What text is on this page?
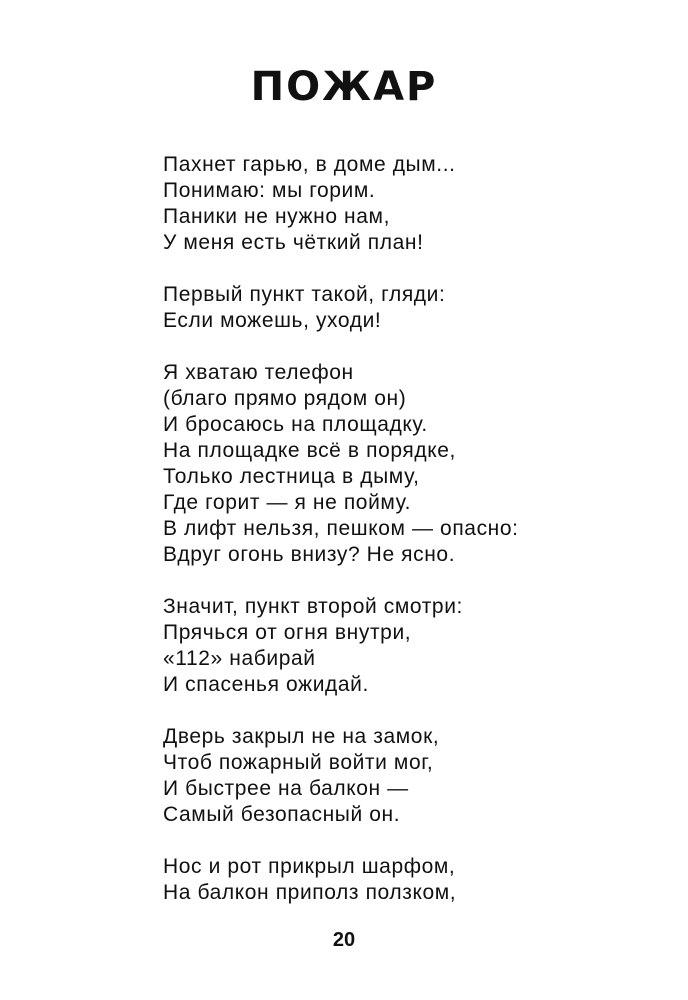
ПОЖАР
Пахнет гарью, в доме дым...
Понимаю: мы горим.
Паники не нужно нам,
У меня есть чёткий план!
Первый пункт такой, гляди:
Если можешь, уходи!
Я хватаю телефон
(благо прямо рядом он)
И бросаюсь на площадку.
На площадке всё в порядке,
Только лестница в дыму,
Где горит — я не пойму.
В лифт нельзя, пешком — опасно:
Вдруг огонь внизу? Не ясно.
Значит, пункт второй смотри:
Прячься от огня внутри,
«112» набирай
И спасенья ожидай.
Дверь закрыл не на замок,
Чтоб пожарный войти мог,
И быстрее на балкон —
Самый безопасный он.
Нос и рот прикрыл шарфом,
На балкон приполз ползком,
20
